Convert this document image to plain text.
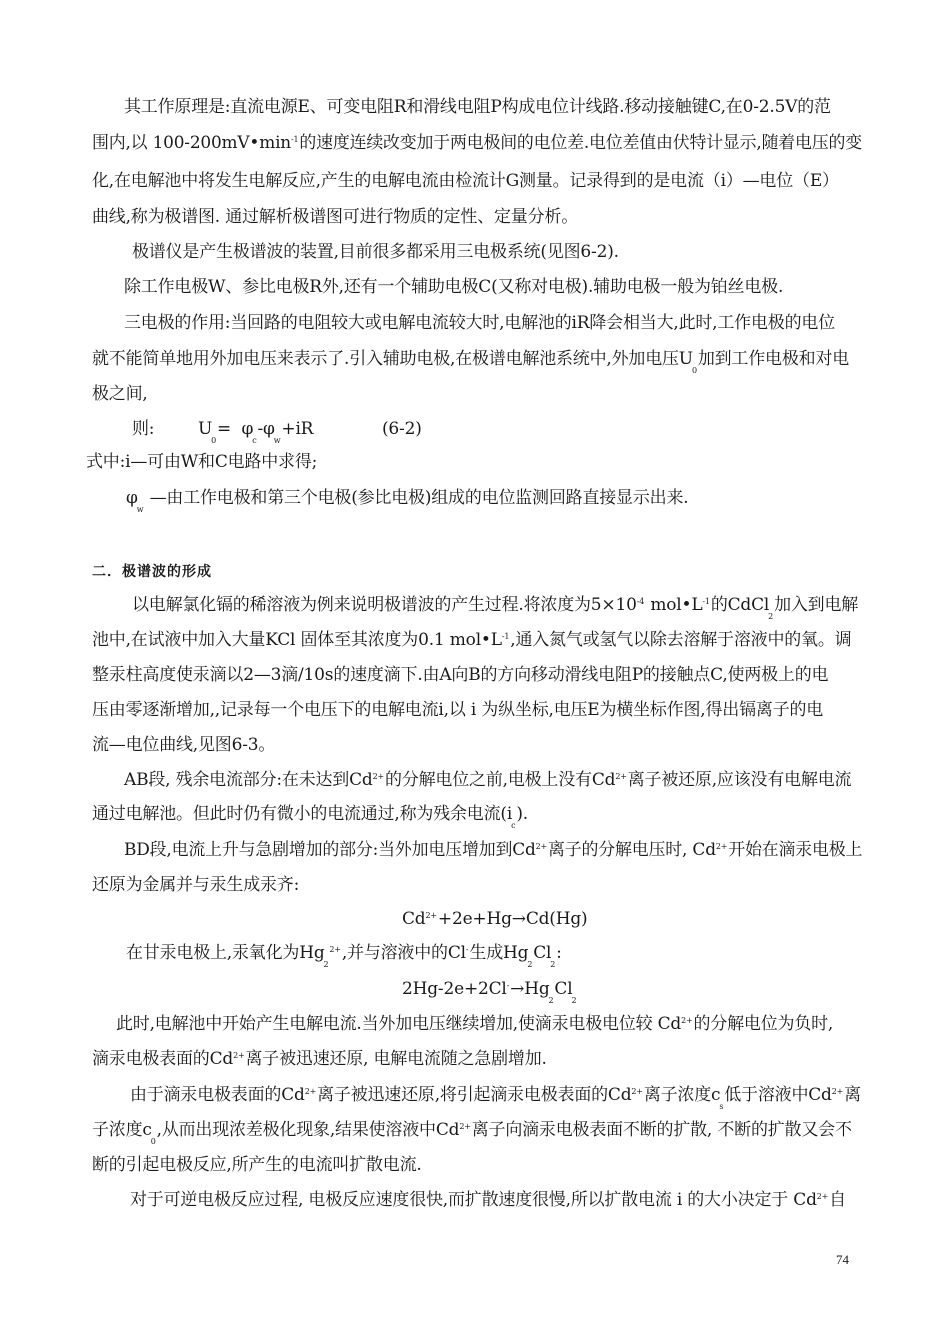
其工作原理是:直流电源E、可变电阻R和滑线电阻P构成电位计线路.移动接触键C,在0-2.5V的范
围内,以 $100-200mV•\min^{-1}$的速度连续改变加于两电极间的电位差.电位差值由伏特计显示,随着电压的变
化,在电解池中将发生电解反应,产生的电解电流由检流计G测量。记录得到的是电流（i）—电位（E）
曲线,称为极谱图. 通过解析极谱图可进行物质的定性、定量分析。
极谱仪是产生极谱波的装置,目前很多都采用三电极系统(见图6-2).
除工作电极W、参比电极R外,还有一个辅助电极C(又称对电极).辅助电极一般为铂丝电极.
三电极的作用:当回路的电阻较大或电解电流较大时,电解池的iR降会相当大,此时,工作电极的电位
就不能简单地用外加电压来表示了.引入辅助电极,在极谱电解池系统中,外加电压$U_0$加到工作电极和对电
极之间,
则:	$U_0= \varphi_c-\varphi_w+iR$	(6-2)
式中:i—可由W和C电路中求得;
$\varphi_w$ —由工作电极和第三个电极(参比电极)组成的电位监测回路直接显示出来.
二．极谱波的形成
以电解氯化镉的稀溶液为例来说明极谱波的产生过程.将浓度为$5\times 10^{-4}$ $mol•L^{-1}$的CdCl$_2$加入到电解
池中,在试液中加入大量KCl 固体至其浓度为0.1 $mol•L^{-1}$,通入氮气或氢气以除去溶解于溶液中的氧。调
整汞柱高度使汞滴以2—3滴/10s的速度滴下.由A向B的方向移动滑线电阻P的接触点C,使两极上的电
压由零逐渐增加,,记录每一个电压下的电解电流i,以 i 为纵坐标,电压E为横坐标作图,得出镉离子的电
流—电位曲线,见图6-3。
AB段, 残余电流部分:在未达到$Cd^{2+}$的分解电位之前,电极上没有$Cd^{2+}$离子被还原,应该没有电解电流
通过电解池。但此时仍有微小的电流通过,称为残余电流$(i_c)$.
BD段,电流上升与急剧增加的部分:当外加电压增加到$Cd^{2+}$离子的分解电压时, $Cd^{2+}$开始在滴汞电极上
还原为金属并与汞生成汞齐:
$Cd^{2+}+2e+Hg\to Cd(Hg)$
在甘汞电极上,汞氧化为$Hg_2^{2+}$,并与溶液中的Cl-生成$Hg_2Cl_2$:
$2Hg-2e+2Cl^-\to Hg_2Cl_2$
此时,电解池中开始产生电解电流.当外加电压继续增加,使滴汞电极电位较 $Cd^{2+}$的分解电位为负时,
滴汞电极表面的$Cd^{2+}$离子被迅速还原, 电解电流随之急剧增加.
由于滴汞电极表面的$Cd^{2+}$离子被迅速还原,将引起滴汞电极表面的$Cd^{2+}$离子浓度$c_s$低于溶液中$Cd^{2+}$离
子浓度$c_0$,从而出现浓差极化现象,结果使溶液中$Cd^{2+}$离子向滴汞电极表面不断的扩散, 不断的扩散又会不
断的引起电极反应,所产生的电流叫扩散电流.
对于可逆电极反应过程, 电极反应速度很快,而扩散速度很慢,所以扩散电流 i 的大小决定于 $Cd^{2+}$自
74
